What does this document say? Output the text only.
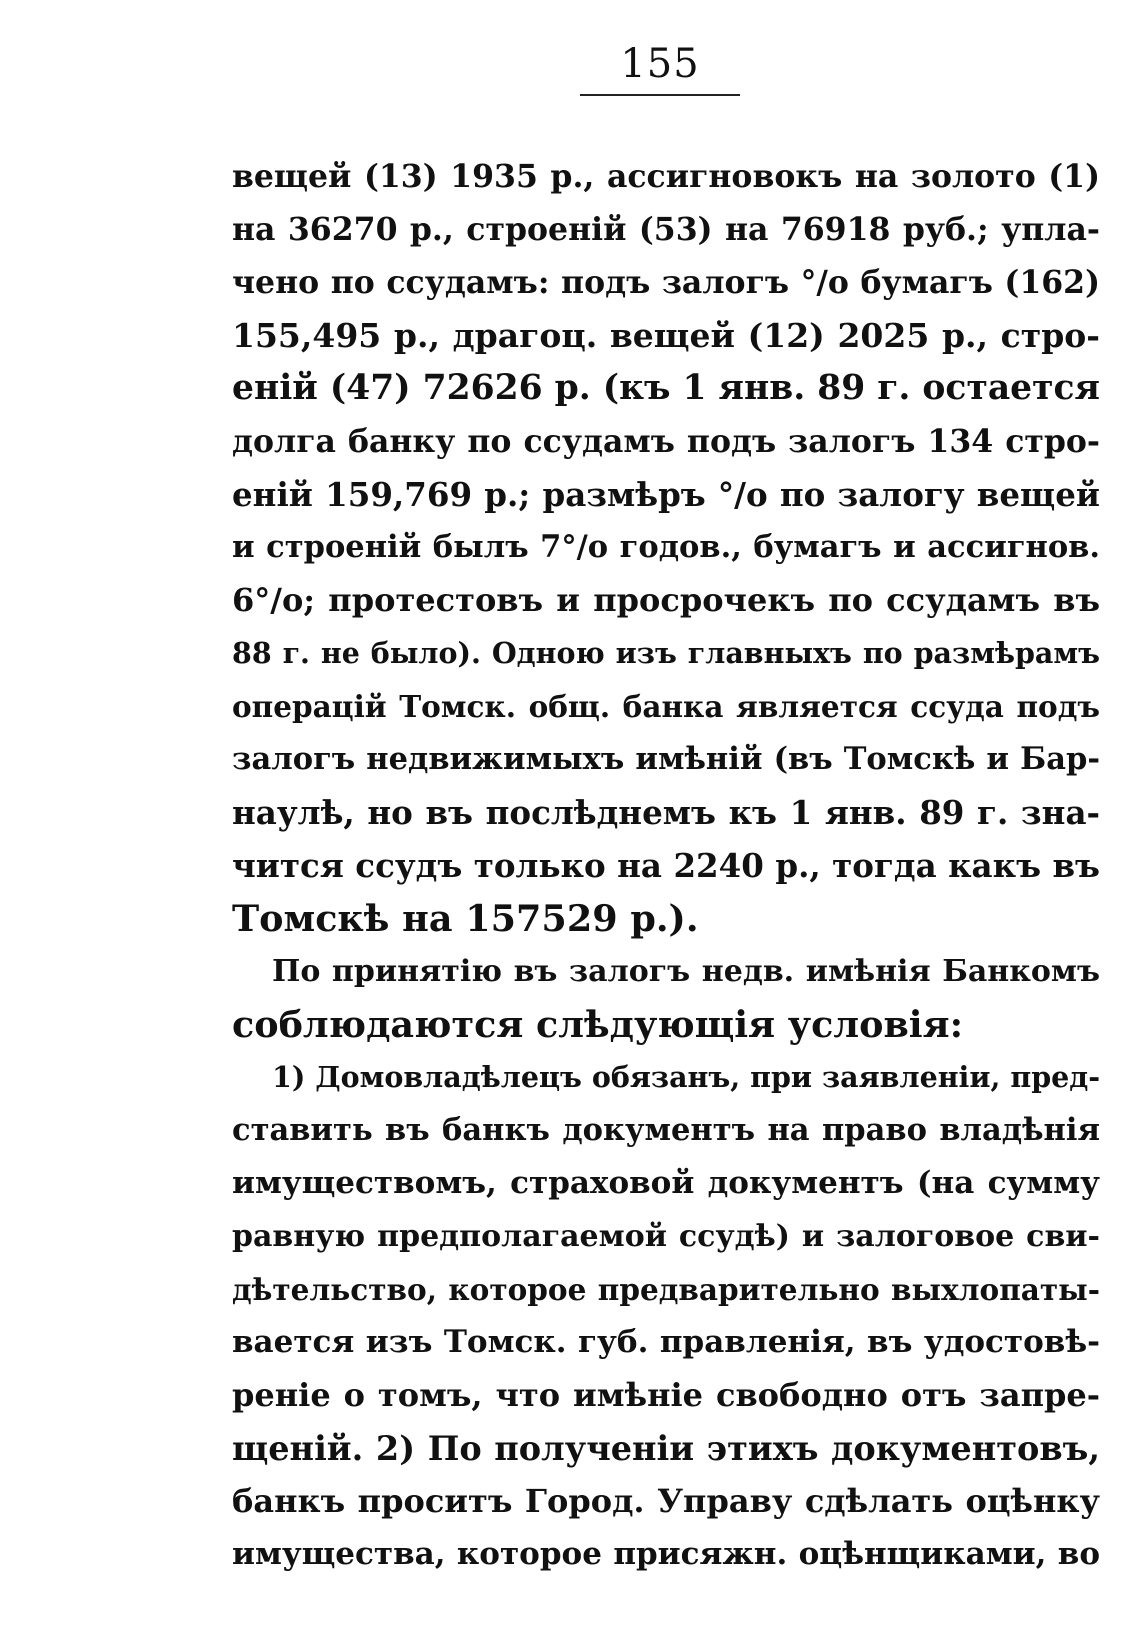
155
вещей (13) 1935 р., ассигновокъ на золото (1)
на 36270 р., строеній (53) на 76918 руб.; упла-
чено по ссудамъ: подъ залогъ °/о бумагъ (162)
155,495 р., драгоц. вещей (12) 2025 р., стро-
еній (47) 72626 р. (къ 1 янв. 89 г. остается
долга банку по ссудамъ подъ залогъ 134 стро-
еній 159,769 р.; размѣръ °/о по залогу вещей
и строеній былъ 7°/о годов., бумагъ и ассигнов.
6°/о; протестовъ и просрочекъ по ссудамъ въ
88 г. не было). Одною изъ главныхъ по размѣрамъ
операцій Томск. общ. банка является ссуда подъ
залогъ недвижимыхъ имѣній (въ Томскѣ и Бар-
наулѣ, но въ послѣднемъ къ 1 янв. 89 г. зна-
чится ссудъ только на 2240 р., тогда какъ въ
Томскѣ на 157529 р.).
По принятію въ залогъ недв. имѣнія Банкомъ
соблюдаются слѣдующія условія:
1) Домовладѣлецъ обязанъ, при заявленіи, пред-
ставить въ банкъ документъ на право владѣнія
имуществомъ, страховой документъ (на сумму
равную предполагаемой ссудѣ) и залоговое сви-
дѣтельство, которое предварительно выхлопаты-
вается изъ Томск. губ. правленія, въ удостовѣ-
реніе о томъ, что имѣніе свободно отъ запре-
щеній. 2) По полученіи этихъ документовъ,
банкъ проситъ Город. Управу сдѣлать оцѣнку
имущества, которое присяжн. оцѣнщиками, во
